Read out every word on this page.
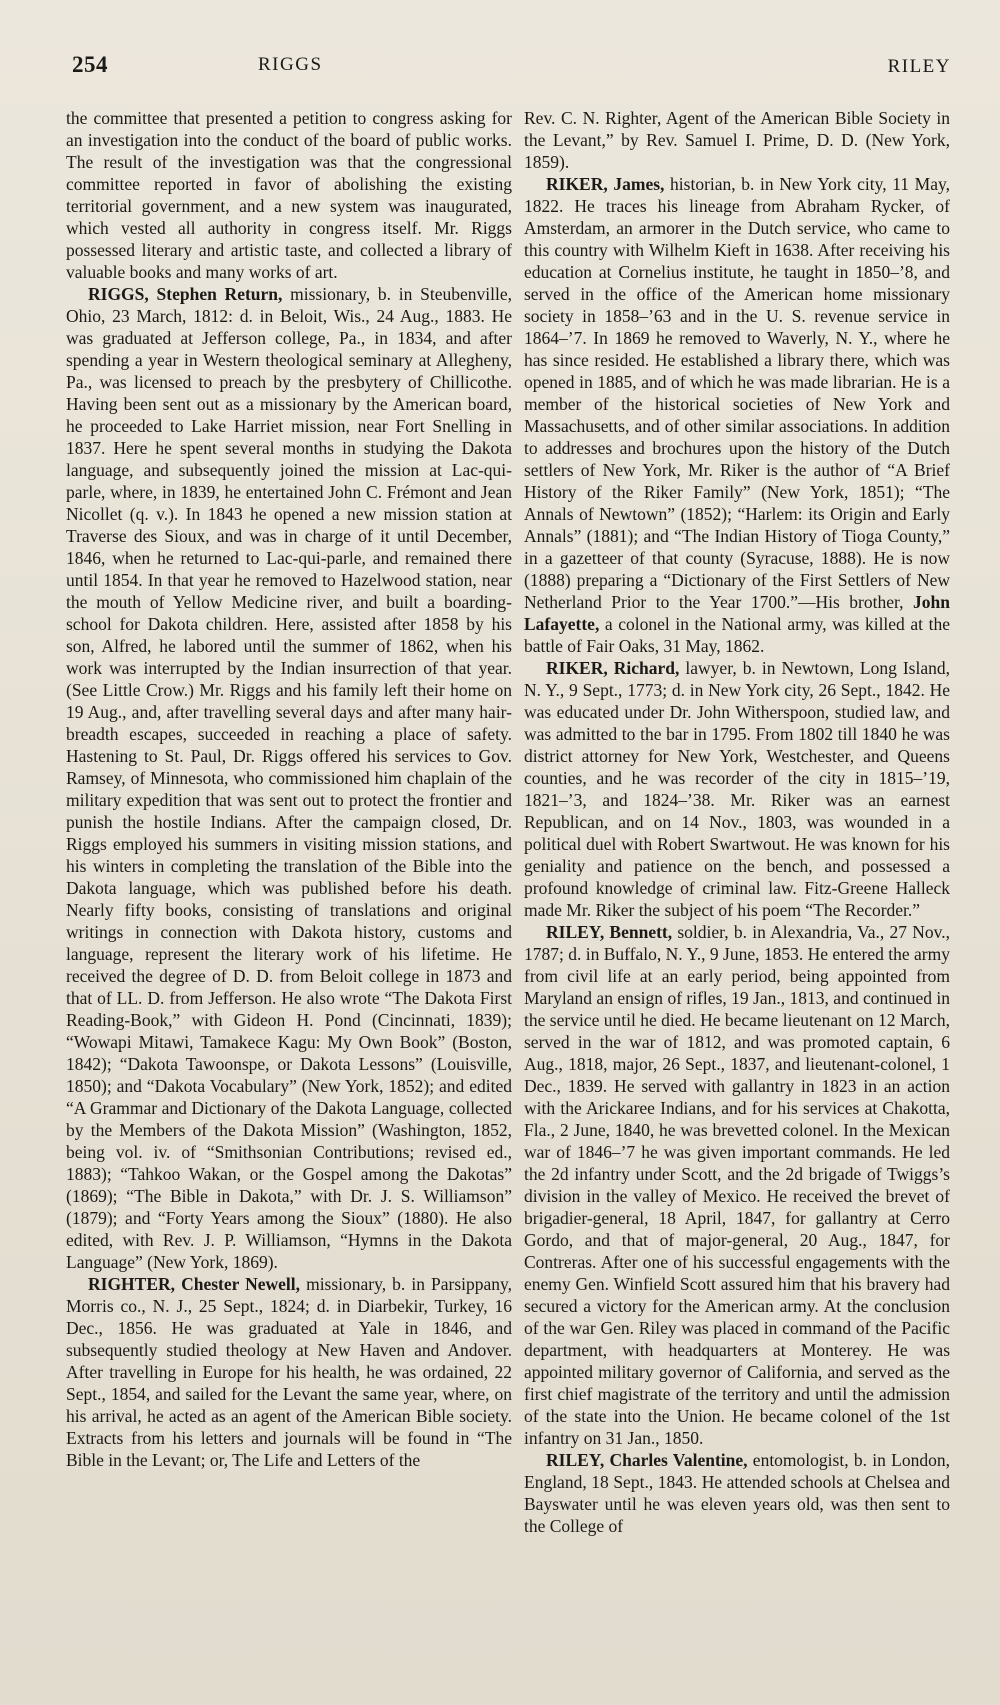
254	RIGGS	RILEY

the committee that presented a petition to congress asking for an investigation into the conduct of the board of public works. The result of the investigation was that the congressional committee reported in favor of abolishing the existing territorial government, and a new system was inaugurated, which vested all authority in congress itself. Mr. Riggs possessed literary and artistic taste, and collected a library of valuable books and many works of art.

RIGGS, Stephen Return, missionary, b. in Steubenville, Ohio, 23 March, 1812: d. in Beloit, Wis., 24 Aug., 1883. He was graduated at Jefferson college, Pa., in 1834, and after spending a year in Western theological seminary at Allegheny, Pa., was licensed to preach by the presbytery of Chillicothe. Having been sent out as a missionary by the American board, he proceeded to Lake Harriet mission, near Fort Snelling in 1837. Here he spent several months in studying the Dakota language, and subsequently joined the mission at Lac-qui-parle, where, in 1839, he entertained John C. Frémont and Jean Nicollet (q. v.). In 1843 he opened a new mission station at Traverse des Sioux, and was in charge of it until December, 1846, when he returned to Lac-qui-parle, and remained there until 1854. In that year he removed to Hazelwood station, near the mouth of Yellow Medicine river, and built a boarding-school for Dakota children. Here, assisted after 1858 by his son, Alfred, he labored until the summer of 1862, when his work was interrupted by the Indian insurrection of that year. (See Little Crow.) Mr. Riggs and his family left their home on 19 Aug., and, after travelling several days and after many hair-breadth escapes, succeeded in reaching a place of safety. Hastening to St. Paul, Dr. Riggs offered his services to Gov. Ramsey, of Minnesota, who commissioned him chaplain of the military expedition that was sent out to protect the frontier and punish the hostile Indians. After the campaign closed, Dr. Riggs employed his summers in visiting mission stations, and his winters in completing the translation of the Bible into the Dakota language, which was published before his death. Nearly fifty books, consisting of translations and original writings in connection with Dakota history, customs and language, represent the literary work of his lifetime. He received the degree of D. D. from Beloit college in 1873 and that of LL. D. from Jefferson. He also wrote “The Dakota First Reading-Book,” with Gideon H. Pond (Cincinnati, 1839); “Wowapi Mitawi, Tamakece Kagu: My Own Book” (Boston, 1842); “Dakota Tawoonspe, or Dakota Lessons” (Louisville, 1850); and “Dakota Vocabulary” (New York, 1852); and edited “A Grammar and Dictionary of the Dakota Language, collected by the Members of the Dakota Mission” (Washington, 1852, being vol. iv. of “Smithsonian Contributions; revised ed., 1883); “Tahkoo Wakan, or the Gospel among the Dakotas” (1869); “The Bible in Dakota,” with Dr. J. S. Williamson” (1879); and “Forty Years among the Sioux” (1880). He also edited, with Rev. J. P. Williamson, “Hymns in the Dakota Language” (New York, 1869).

RIGHTER, Chester Newell, missionary, b. in Parsippany, Morris co., N. J., 25 Sept., 1824; d. in Diarbekir, Turkey, 16 Dec., 1856. He was graduated at Yale in 1846, and subsequently studied theology at New Haven and Andover. After travelling in Europe for his health, he was ordained, 22 Sept., 1854, and sailed for the Levant the same year, where, on his arrival, he acted as an agent of the American Bible society. Extracts from his letters and journals will be found in “The Bible in the Levant; or, The Life and Letters of the

Rev. C. N. Righter, Agent of the American Bible Society in the Levant,” by Rev. Samuel I. Prime, D. D. (New York, 1859).

RIKER, James, historian, b. in New York city, 11 May, 1822. He traces his lineage from Abraham Rycker, of Amsterdam, an armorer in the Dutch service, who came to this country with Wilhelm Kieft in 1638. After receiving his education at Cornelius institute, he taught in 1850–’8, and served in the office of the American home missionary society in 1858–’63 and in the U. S. revenue service in 1864–’7. In 1869 he removed to Waverly, N. Y., where he has since resided. He established a library there, which was opened in 1885, and of which he was made librarian. He is a member of the historical societies of New York and Massachusetts, and of other similar associations. In addition to addresses and brochures upon the history of the Dutch settlers of New York, Mr. Riker is the author of “A Brief History of the Riker Family” (New York, 1851); “The Annals of Newtown” (1852); “Harlem: its Origin and Early Annals” (1881); and “The Indian History of Tioga County,” in a gazetteer of that county (Syracuse, 1888). He is now (1888) preparing a “Dictionary of the First Settlers of New Netherland Prior to the Year 1700.”—His brother, John Lafayette, a colonel in the National army, was killed at the battle of Fair Oaks, 31 May, 1862.

RIKER, Richard, lawyer, b. in Newtown, Long Island, N. Y., 9 Sept., 1773; d. in New York city, 26 Sept., 1842. He was educated under Dr. John Witherspoon, studied law, and was admitted to the bar in 1795. From 1802 till 1840 he was district attorney for New York, Westchester, and Queens counties, and he was recorder of the city in 1815–’19, 1821–’3, and 1824–’38. Mr. Riker was an earnest Republican, and on 14 Nov., 1803, was wounded in a political duel with Robert Swartwout. He was known for his geniality and patience on the bench, and possessed a profound knowledge of criminal law. Fitz-Greene Halleck made Mr. Riker the subject of his poem “The Recorder.”

RILEY, Bennett, soldier, b. in Alexandria, Va., 27 Nov., 1787; d. in Buffalo, N. Y., 9 June, 1853. He entered the army from civil life at an early period, being appointed from Maryland an ensign of rifles, 19 Jan., 1813, and continued in the service until he died. He became lieutenant on 12 March, served in the war of 1812, and was promoted captain, 6 Aug., 1818, major, 26 Sept., 1837, and lieutenant-colonel, 1 Dec., 1839. He served with gallantry in 1823 in an action with the Arickaree Indians, and for his services at Chakotta, Fla., 2 June, 1840, he was brevetted colonel. In the Mexican war of 1846–’7 he was given important commands. He led the 2d infantry under Scott, and the 2d brigade of Twiggs’s division in the valley of Mexico. He received the brevet of brigadier-general, 18 April, 1847, for gallantry at Cerro Gordo, and that of major-general, 20 Aug., 1847, for Contreras. After one of his successful engagements with the enemy Gen. Winfield Scott assured him that his bravery had secured a victory for the American army. At the conclusion of the war Gen. Riley was placed in command of the Pacific department, with headquarters at Monterey. He was appointed military governor of California, and served as the first chief magistrate of the territory and until the admission of the state into the Union. He became colonel of the 1st infantry on 31 Jan., 1850.

RILEY, Charles Valentine, entomologist, b. in London, England, 18 Sept., 1843. He attended schools at Chelsea and Bayswater until he was eleven years old, was then sent to the College of
